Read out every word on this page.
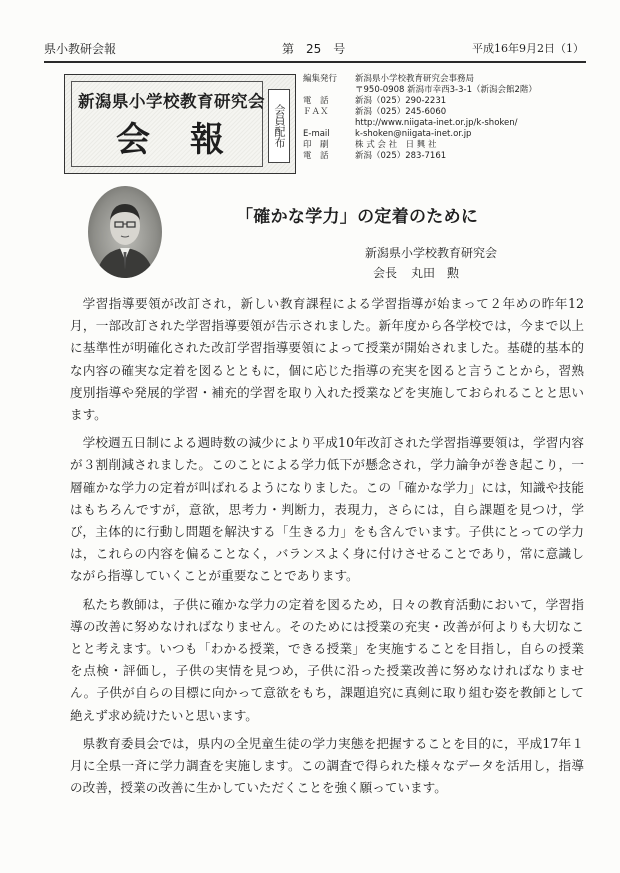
県小教研会報	第　25　号	平成16年9月2日（1）
新潟県小学校教育研究会
会報 会員配布
編集発行	新潟県小学校教育研究会事務局
〒950-0908 新潟市幸西3-3-1（新潟会館2階）
電　話	新潟（025）290-2231
ＦＡＸ	新潟（025）245-6060
http://www.niigata-inet.or.jp/k-shoken/
E-mail	k-shoken@niigata-inet.or.jp
印　刷	株 式 会 社　日 興 社
電　話	新潟（025）283-7161
「確かな学力」の定着のために
新潟県小学校教育研究会
会長 丸田　勲

学習指導要領が改訂され，新しい教育課程による学習指導が始まって２年めの昨年12月，一部改訂された学習指導要領が告示されました。新年度から各学校では，今まで以上に基準性が明確化された改訂学習指導要領によって授業が開始されました。基礎的基本的な内容の確実な定着を図るとともに，個に応じた指導の充実を図ると言うことから，習熟度別指導や発展的学習・補充的学習を取り入れた授業などを実施しておられることと思います。

学校週五日制による週時数の減少により平成10年改訂された学習指導要領は，学習内容が３割削減されました。このことによる学力低下が懸念され，学力論争が巻き起こり，一層確かな学力の定着が叫ばれるようになりました。この「確かな学力」には，知識や技能はもちろんですが，意欲，思考力・判断力，表現力，さらには，自ら課題を見つけ，学び，主体的に行動し問題を解決する「生きる力」をも含んでいます。子供にとっての学力は，これらの内容を偏ることなく，バランスよく身に付けさせることであり，常に意識しながら指導していくことが重要なことであります。

私たち教師は，子供に確かな学力の定着を図るため，日々の教育活動において，学習指導の改善に努めなければなりません。そのためには授業の充実・改善が何よりも大切なことと考えます。いつも「わかる授業，できる授業」を実施することを目指し，自らの授業を点検・評価し，子供の実情を見つめ，子供に沿った授業改善に努めなければなりません。子供が自らの目標に向かって意欲をもち，課題追究に真剣に取り組む姿を教師として絶えず求め続けたいと思います。

県教育委員会では，県内の全児童生徒の学力実態を把握することを目的に，平成17年１月に全県一斉に学力調査を実施します。この調査で得られた様々なデータを活用し，指導の改善，授業の改善に生かしていただくことを強く願っています。
